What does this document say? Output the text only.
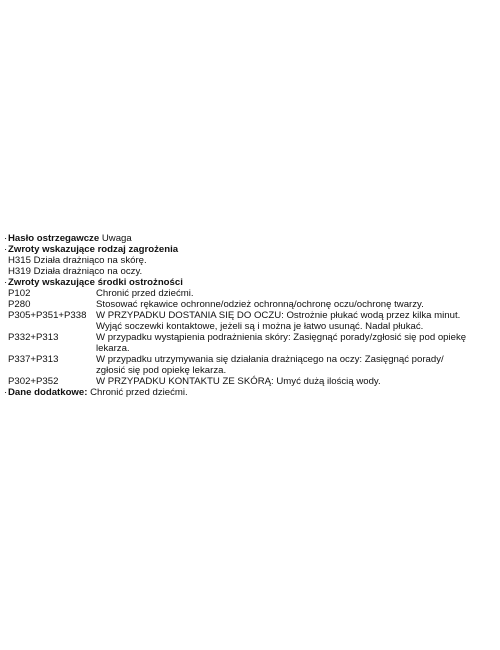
·Hasło ostrzegawcze Uwaga
·Zwroty wskazujące rodzaj zagrożenia
H315 Działa drażniąco na skórę.
H319 Działa drażniąco na oczy.
·Zwroty wskazujące środki ostrożności
P102	Chronić przed dziećmi.
P280	Stosować rękawice ochronne/odzież ochronną/ochronę oczu/ochronę twarzy.
P305+P351+P338 W PRZYPADKU DOSTANIA SIĘ DO OCZU: Ostrożnie płukać wodą przez kilka minut.
Wyjąć soczewki kontaktowe, jeżeli są i można je łatwo usunąć. Nadal płukać.
P332+P313	W przypadku wystąpienia podrażnienia skóry: Zasięgnąć porady/zgłosić się pod opiekę
lekarza.
P337+P313	W przypadku utrzymywania się działania drażniącego na oczy: Zasięgnąć porady/
zgłosić się pod opiekę lekarza.
P302+P352	W PRZYPADKU KONTAKTU ZE SKÓRĄ: Umyć dużą ilością wody.
·Dane dodatkowe: Chronić przed dziećmi.
